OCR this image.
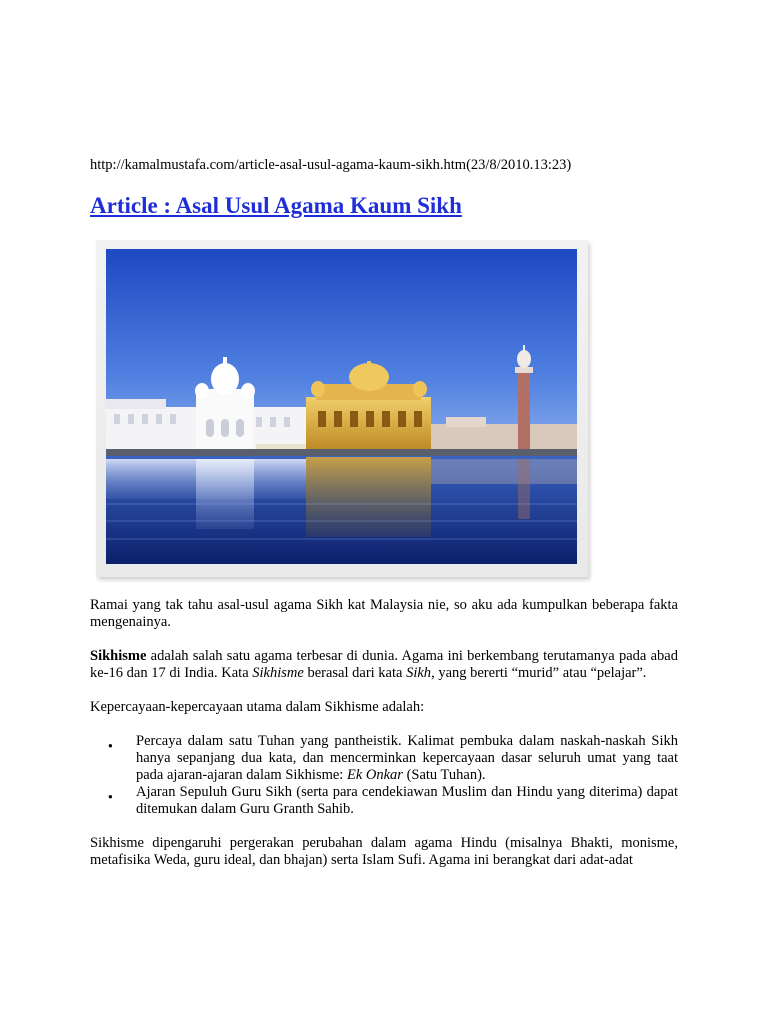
http://kamalmustafa.com/article-asal-usul-agama-kaum-sikh.htm(23/8/2010.13:23)
Article : Asal Usul Agama Kaum Sikh

Ramai yang tak tahu asal-usul agama Sikh kat Malaysia nie, so aku ada kumpulkan beberapa fakta mengenainya.

Sikhisme adalah salah satu agama terbesar di dunia. Agama ini berkembang terutamanya pada abad ke-16 dan 17 di India. Kata Sikhisme berasal dari kata Sikh, yang bererti “murid” atau “pelajar”.

Kepercayaan-kepercayaan utama dalam Sikhisme adalah:

● Percaya dalam satu Tuhan yang pantheistik. Kalimat pembuka dalam naskah-naskah Sikh hanya sepanjang dua kata, dan mencerminkan kepercayaan dasar seluruh umat yang taat pada ajaran-ajaran dalam Sikhisme: Ek Onkar (Satu Tuhan).
● Ajaran Sepuluh Guru Sikh (serta para cendekiawan Muslim dan Hindu yang diterima) dapat ditemukan dalam Guru Granth Sahib.

Sikhisme dipengaruhi pergerakan perubahan dalam agama Hindu (misalnya Bhakti, monisme, metafisika Weda, guru ideal, dan bhajan) serta Islam Sufi. Agama ini berangkat dari adat-adat
